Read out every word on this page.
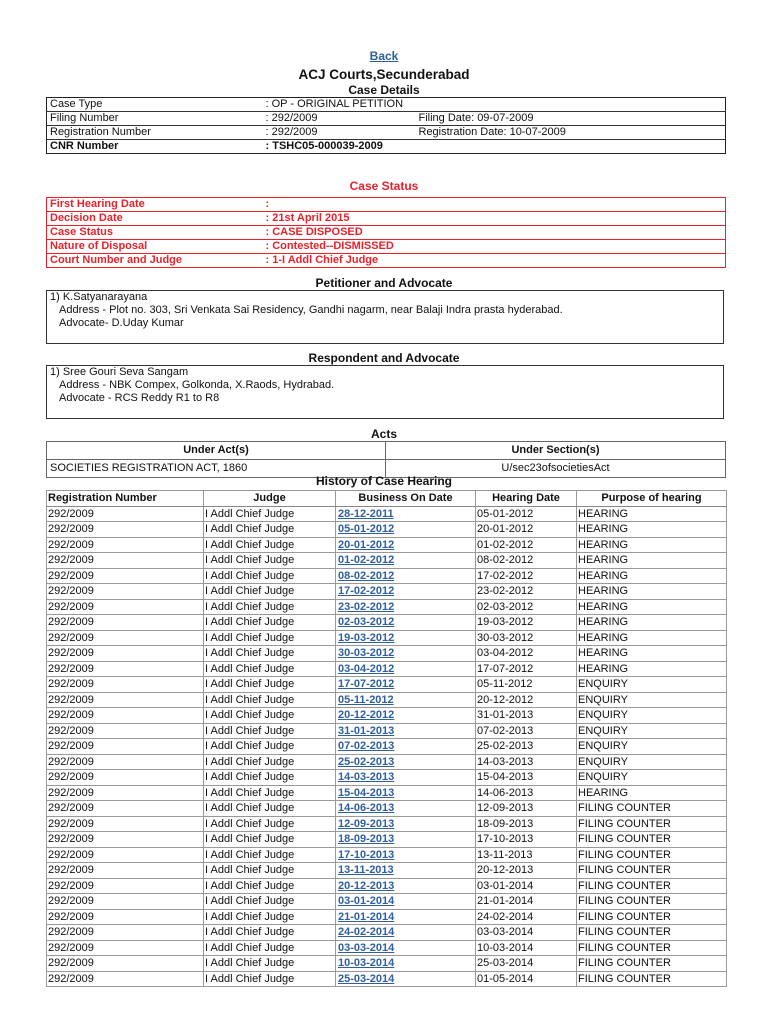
Back
ACJ Courts,Secunderabad
Case Details
Case Type	: OP - ORIGINAL PETITION	
Filing Number	: 292/2009	Filing Date: 09-07-2009
Registration Number	: 292/2009	Registration Date: 10-07-2009
CNR Number	: TSHC05-000039-2009	
Case Status
First Hearing Date	:
Decision Date	: 21st April 2015
Case Status	: CASE DISPOSED
Nature of Disposal	: Contested--DISMISSED
Court Number and Judge	: 1-I Addl Chief Judge
Petitioner and Advocate
1) K.Satyanarayana
Address - Plot no. 303, Sri Venkata Sai Residency, Gandhi nagarm, near Balaji Indra prasta hyderabad.
Advocate- D.Uday Kumar
Respondent and Advocate
1) Sree Gouri Seva Sangam
Address - NBK Compex, Golkonda, X.Raods, Hydrabad.
Advocate - RCS Reddy R1 to R8
Acts
Under Act(s)	Under Section(s)
SOCIETIES REGISTRATION ACT, 1860	U/sec23ofsocietiesAct
History of Case Hearing
Registration Number	Judge	Business On Date	Hearing Date	Purpose of hearing
292/2009	I Addl Chief Judge	28-12-2011	05-01-2012	HEARING
292/2009	I Addl Chief Judge	05-01-2012	20-01-2012	HEARING
292/2009	I Addl Chief Judge	20-01-2012	01-02-2012	HEARING
292/2009	I Addl Chief Judge	01-02-2012	08-02-2012	HEARING
292/2009	I Addl Chief Judge	08-02-2012	17-02-2012	HEARING
292/2009	I Addl Chief Judge	17-02-2012	23-02-2012	HEARING
292/2009	I Addl Chief Judge	23-02-2012	02-03-2012	HEARING
292/2009	I Addl Chief Judge	02-03-2012	19-03-2012	HEARING
292/2009	I Addl Chief Judge	19-03-2012	30-03-2012	HEARING
292/2009	I Addl Chief Judge	30-03-2012	03-04-2012	HEARING
292/2009	I Addl Chief Judge	03-04-2012	17-07-2012	HEARING
292/2009	I Addl Chief Judge	17-07-2012	05-11-2012	ENQUIRY
292/2009	I Addl Chief Judge	05-11-2012	20-12-2012	ENQUIRY
292/2009	I Addl Chief Judge	20-12-2012	31-01-2013	ENQUIRY
292/2009	I Addl Chief Judge	31-01-2013	07-02-2013	ENQUIRY
292/2009	I Addl Chief Judge	07-02-2013	25-02-2013	ENQUIRY
292/2009	I Addl Chief Judge	25-02-2013	14-03-2013	ENQUIRY
292/2009	I Addl Chief Judge	14-03-2013	15-04-2013	ENQUIRY
292/2009	I Addl Chief Judge	15-04-2013	14-06-2013	HEARING
292/2009	I Addl Chief Judge	14-06-2013	12-09-2013	FILING COUNTER
292/2009	I Addl Chief Judge	12-09-2013	18-09-2013	FILING COUNTER
292/2009	I Addl Chief Judge	18-09-2013	17-10-2013	FILING COUNTER
292/2009	I Addl Chief Judge	17-10-2013	13-11-2013	FILING COUNTER
292/2009	I Addl Chief Judge	13-11-2013	20-12-2013	FILING COUNTER
292/2009	I Addl Chief Judge	20-12-2013	03-01-2014	FILING COUNTER
292/2009	I Addl Chief Judge	03-01-2014	21-01-2014	FILING COUNTER
292/2009	I Addl Chief Judge	21-01-2014	24-02-2014	FILING COUNTER
292/2009	I Addl Chief Judge	24-02-2014	03-03-2014	FILING COUNTER
292/2009	I Addl Chief Judge	03-03-2014	10-03-2014	FILING COUNTER
292/2009	I Addl Chief Judge	10-03-2014	25-03-2014	FILING COUNTER
292/2009	I Addl Chief Judge	25-03-2014	01-05-2014	FILING COUNTER
